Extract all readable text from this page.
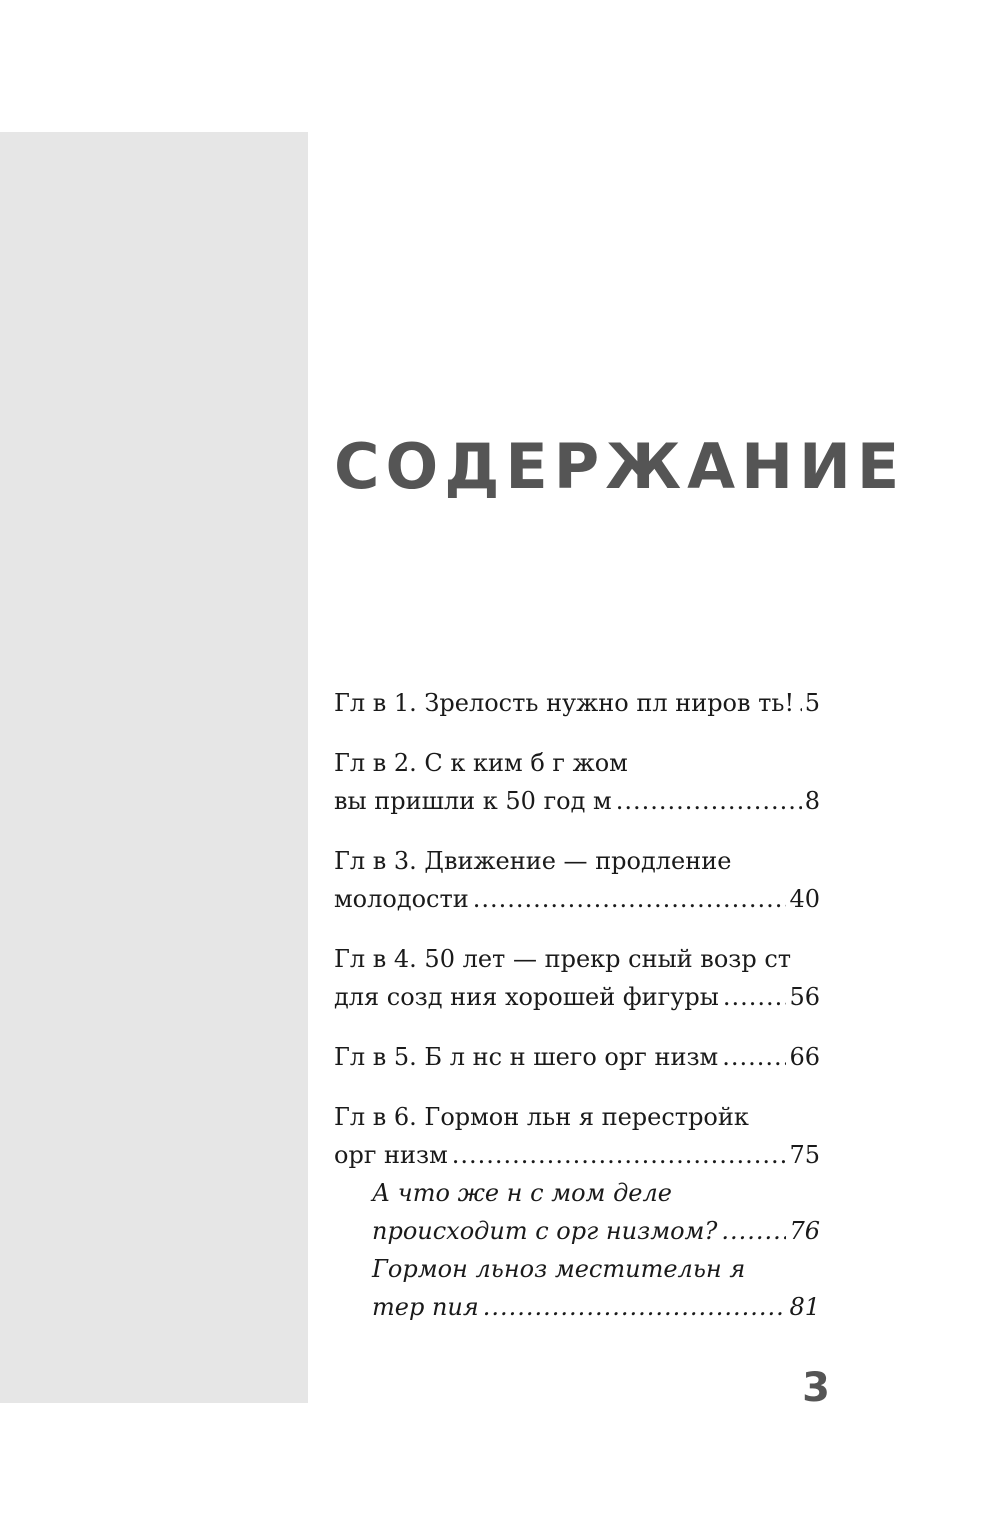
СОДЕРЖАНИЕ
Гл в 1. Зрелость нужно пл ниров ть! ..... 5
Гл в 2. С к ким б г жом
вы пришли к 50 год м .....	8
Гл в 3. Движение — продление
молодости .....	40
Гл в 4. 50 лет — прекр сный возр ст
для созд ния хорошей фигуры .....	56
Гл в 5. Б л нс н шего орг низм .....	66
Гл в 6. Гормон льн я перестройк
орг низм .....	75
А что же н с мом деле
происходит с орг низмом? .....	76
Гормон льноз местительн я
тер пия .....	81
3
